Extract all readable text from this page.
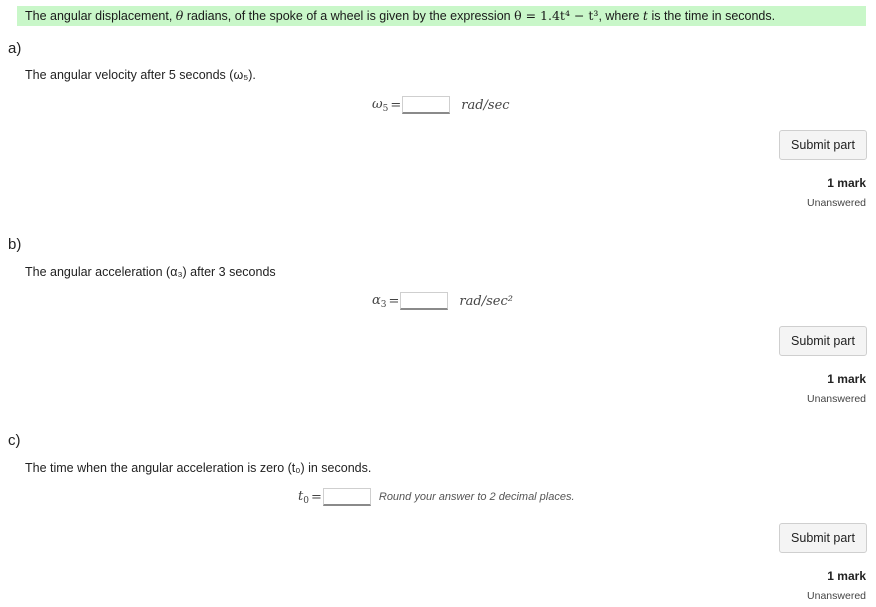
The angular displacement, θ radians, of the spoke of a wheel is given by the expression θ = 1.4t⁴ − t³, where t is the time in seconds.
a)
The angular velocity after 5 seconds (ω₅).
$\omega_5$ =	rad/sec
Submit part
1 mark
Unanswered
b)
The angular acceleration (α₃) after 3 seconds
$\alpha_3$ =	rad/sec²
Submit part
1 mark
Unanswered
c)
The time when the angular acceleration is zero (t₀) in seconds.
$t_0$ =	Round your answer to 2 decimal places.
Submit part
1 mark
Unanswered
